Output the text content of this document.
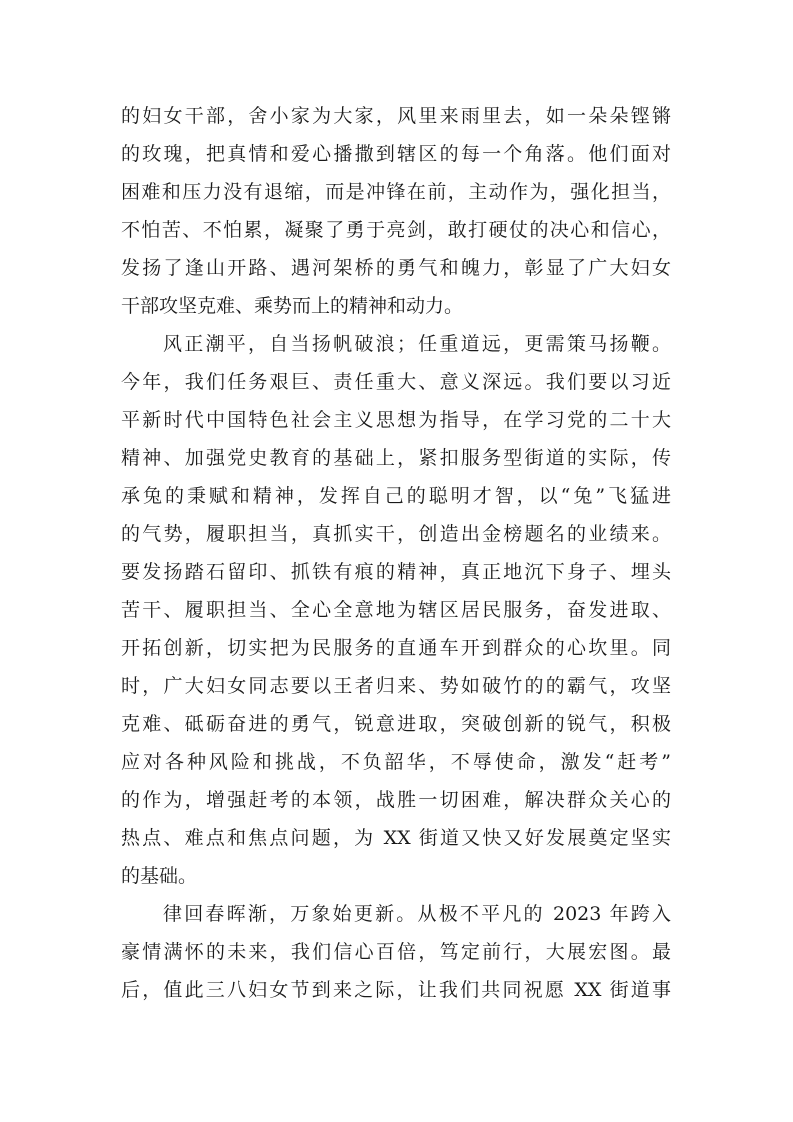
的妇女干部，舍小家为大家，风里来雨里去，如一朵朵铿锵
的玫瑰，把真情和爱心播撒到辖区的每一个角落。他们面对
困难和压力没有退缩，而是冲锋在前，主动作为，强化担当，
不怕苦、不怕累，凝聚了勇于亮剑，敢打硬仗的决心和信心，
发扬了逢山开路、遇河架桥的勇气和魄力，彰显了广大妇女
干部攻坚克难、乘势而上的精神和动力。
风正潮平，自当扬帆破浪；任重道远，更需策马扬鞭。
今年，我们任务艰巨、责任重大、意义深远。我们要以习近
平新时代中国特色社会主义思想为指导，在学习党的二十大
精神、加强党史教育的基础上，紧扣服务型街道的实际，传
承兔的秉赋和精神，发挥自己的聪明才智，以“兔”飞猛进
的气势，履职担当，真抓实干，创造出金榜题名的业绩来。
要发扬踏石留印、抓铁有痕的精神，真正地沉下身子、埋头
苦干、履职担当、全心全意地为辖区居民服务，奋发进取、
开拓创新，切实把为民服务的直通车开到群众的心坎里。同
时，广大妇女同志要以王者归来、势如破竹的的霸气，攻坚
克难、砥砺奋进的勇气，锐意进取，突破创新的锐气，积极
应对各种风险和挑战，不负韶华，不辱使命，激发“赶考”
的作为，增强赶考的本领，战胜一切困难，解决群众关心的
热点、难点和焦点问题，为 XX 街道又快又好发展奠定坚实
的基础。
律回春晖渐，万象始更新。从极不平凡的 2023 年跨入
豪情满怀的未来，我们信心百倍，笃定前行，大展宏图。最
后，值此三八妇女节到来之际，让我们共同祝愿 XX 街道事
